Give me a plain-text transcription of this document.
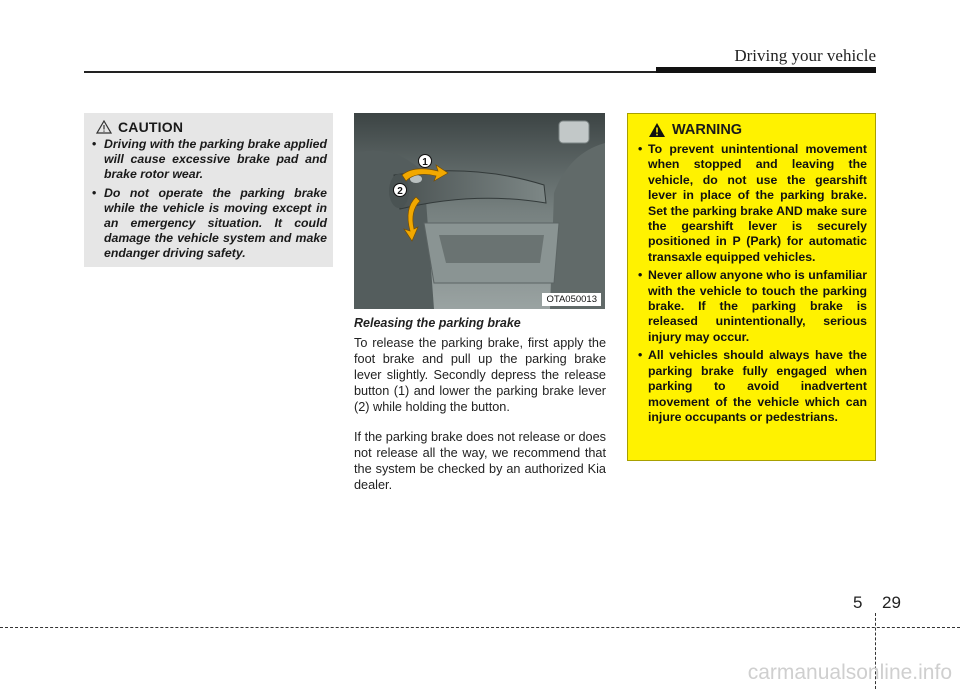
Driving your vehicle
CAUTION
• Driving with the parking brake applied will cause excessive brake pad and brake rotor wear.
• Do not operate the parking brake while the vehicle is moving except in an emergency situation. It could damage the vehicle system and make endanger driving safety.
1
2
OTA050013
Releasing the parking brake

To release the parking brake, first apply the foot brake and pull up the parking brake lever slightly. Secondly depress the release button (1) and lower the parking brake lever (2) while holding the button.

If the parking brake does not release or does not release all the way, we recommend that the system be checked by an authorized Kia dealer.

WARNING
• To prevent unintentional movement when stopped and leaving the vehicle, do not use the gearshift lever in place of the parking brake. Set the parking brake AND make sure the gearshift lever is securely positioned in P (Park) for automatic transaxle equipped vehicles.
• Never allow anyone who is unfamiliar with the vehicle to touch the parking brake. If the parking brake is released unintentionally, serious injury may occur.
• All vehicles should always have the parking brake fully engaged when parking to avoid inadvertent movement of the vehicle which can injure occupants or pedestrians.
5 29
carmanualsonline.info
